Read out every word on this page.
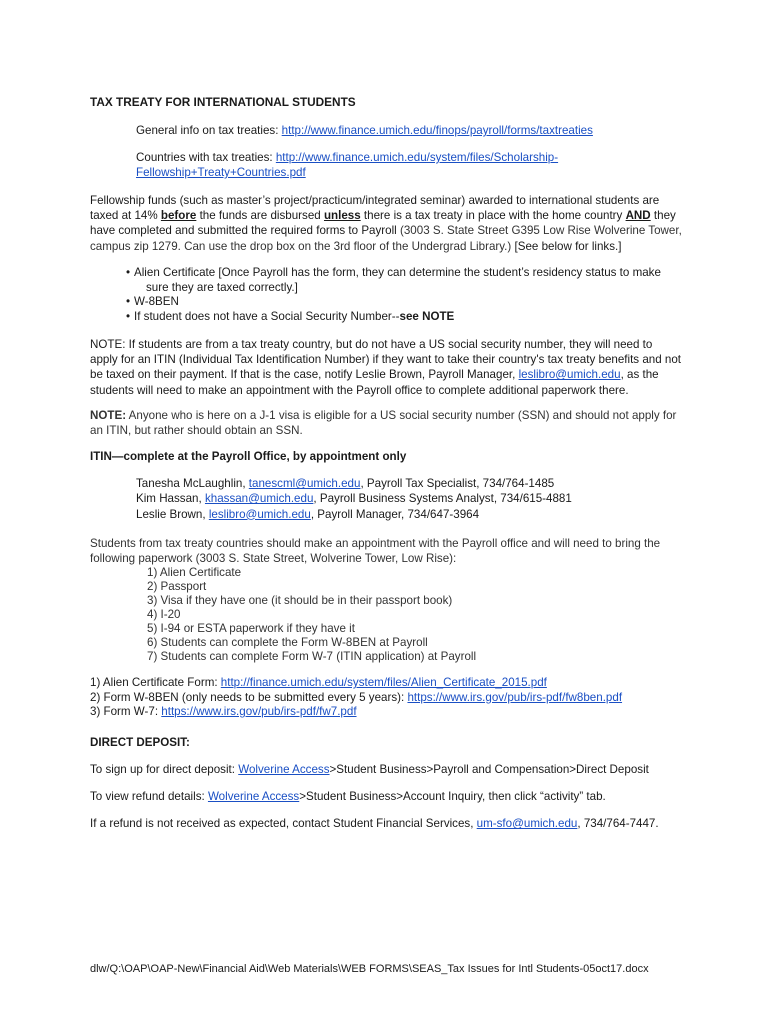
TAX TREATY FOR INTERNATIONAL STUDENTS
General info on tax treaties: http://www.finance.umich.edu/finops/payroll/forms/taxtreaties
Countries with tax treaties: http://www.finance.umich.edu/system/files/Scholarship-
Fellowship+Treaty+Countries.pdf

Fellowship funds (such as master’s project/practicum/integrated seminar) awarded to international students are taxed at 14% before the funds are disbursed unless there is a tax treaty in place with the home country AND they have completed and submitted the required forms to Payroll (3003 S. State Street G395 Low Rise Wolverine Tower, campus zip 1279. Can use the drop box on the 3rd floor of the Undergrad Library.) [See below for links.]

• Alien Certificate [Once Payroll has the form, they can determine the student’s residency status to make
sure they are taxed correctly.]
• W-8BEN
• If student does not have a Social Security Number--see NOTE

NOTE: If students are from a tax treaty country, but do not have a US social security number, they will need to apply for an ITIN (Individual Tax Identification Number) if they want to take their country's tax treaty benefits and not be taxed on their payment. If that is the case, notify Leslie Brown, Payroll Manager, leslibro@umich.edu, as the students will need to make an appointment with the Payroll office to complete additional paperwork there.

NOTE: Anyone who is here on a J-1 visa is eligible for a US social security number (SSN) and should not apply for an ITIN, but rather should obtain an SSN.

ITIN—complete at the Payroll Office, by appointment only
Tanesha McLaughlin, tanescml@umich.edu, Payroll Tax Specialist, 734/764-1485
Kim Hassan, khassan@umich.edu, Payroll Business Systems Analyst, 734/615-4881
Leslie Brown, leslibro@umich.edu, Payroll Manager, 734/647-3964

Students from tax treaty countries should make an appointment with the Payroll office and will need to bring the following paperwork (3003 S. State Street, Wolverine Tower, Low Rise):

1) Alien Certificate
2) Passport
3) Visa if they have one (it should be in their passport book)
4) I-20
5) I-94 or ESTA paperwork if they have it
6) Students can complete the Form W-8BEN at Payroll
7) Students can complete Form W-7 (ITIN application) at Payroll
1) Alien Certificate Form: http://finance.umich.edu/system/files/Alien_Certificate_2015.pdf
2) Form W-8BEN (only needs to be submitted every 5 years): https://www.irs.gov/pub/irs-pdf/fw8ben.pdf
3) Form W-7: https://www.irs.gov/pub/irs-pdf/fw7.pdf
DIRECT DEPOSIT:
To sign up for direct deposit: Wolverine Access>Student Business>Payroll and Compensation>Direct Deposit
To view refund details: Wolverine Access>Student Business>Account Inquiry, then click “activity” tab.
If a refund is not received as expected, contact Student Financial Services, um-sfo@umich.edu, 734/764-7447.
dlw/Q:\OAP\OAP-New\Financial Aid\Web Materials\WEB FORMS\SEAS_Tax Issues for Intl Students-05oct17.docx
